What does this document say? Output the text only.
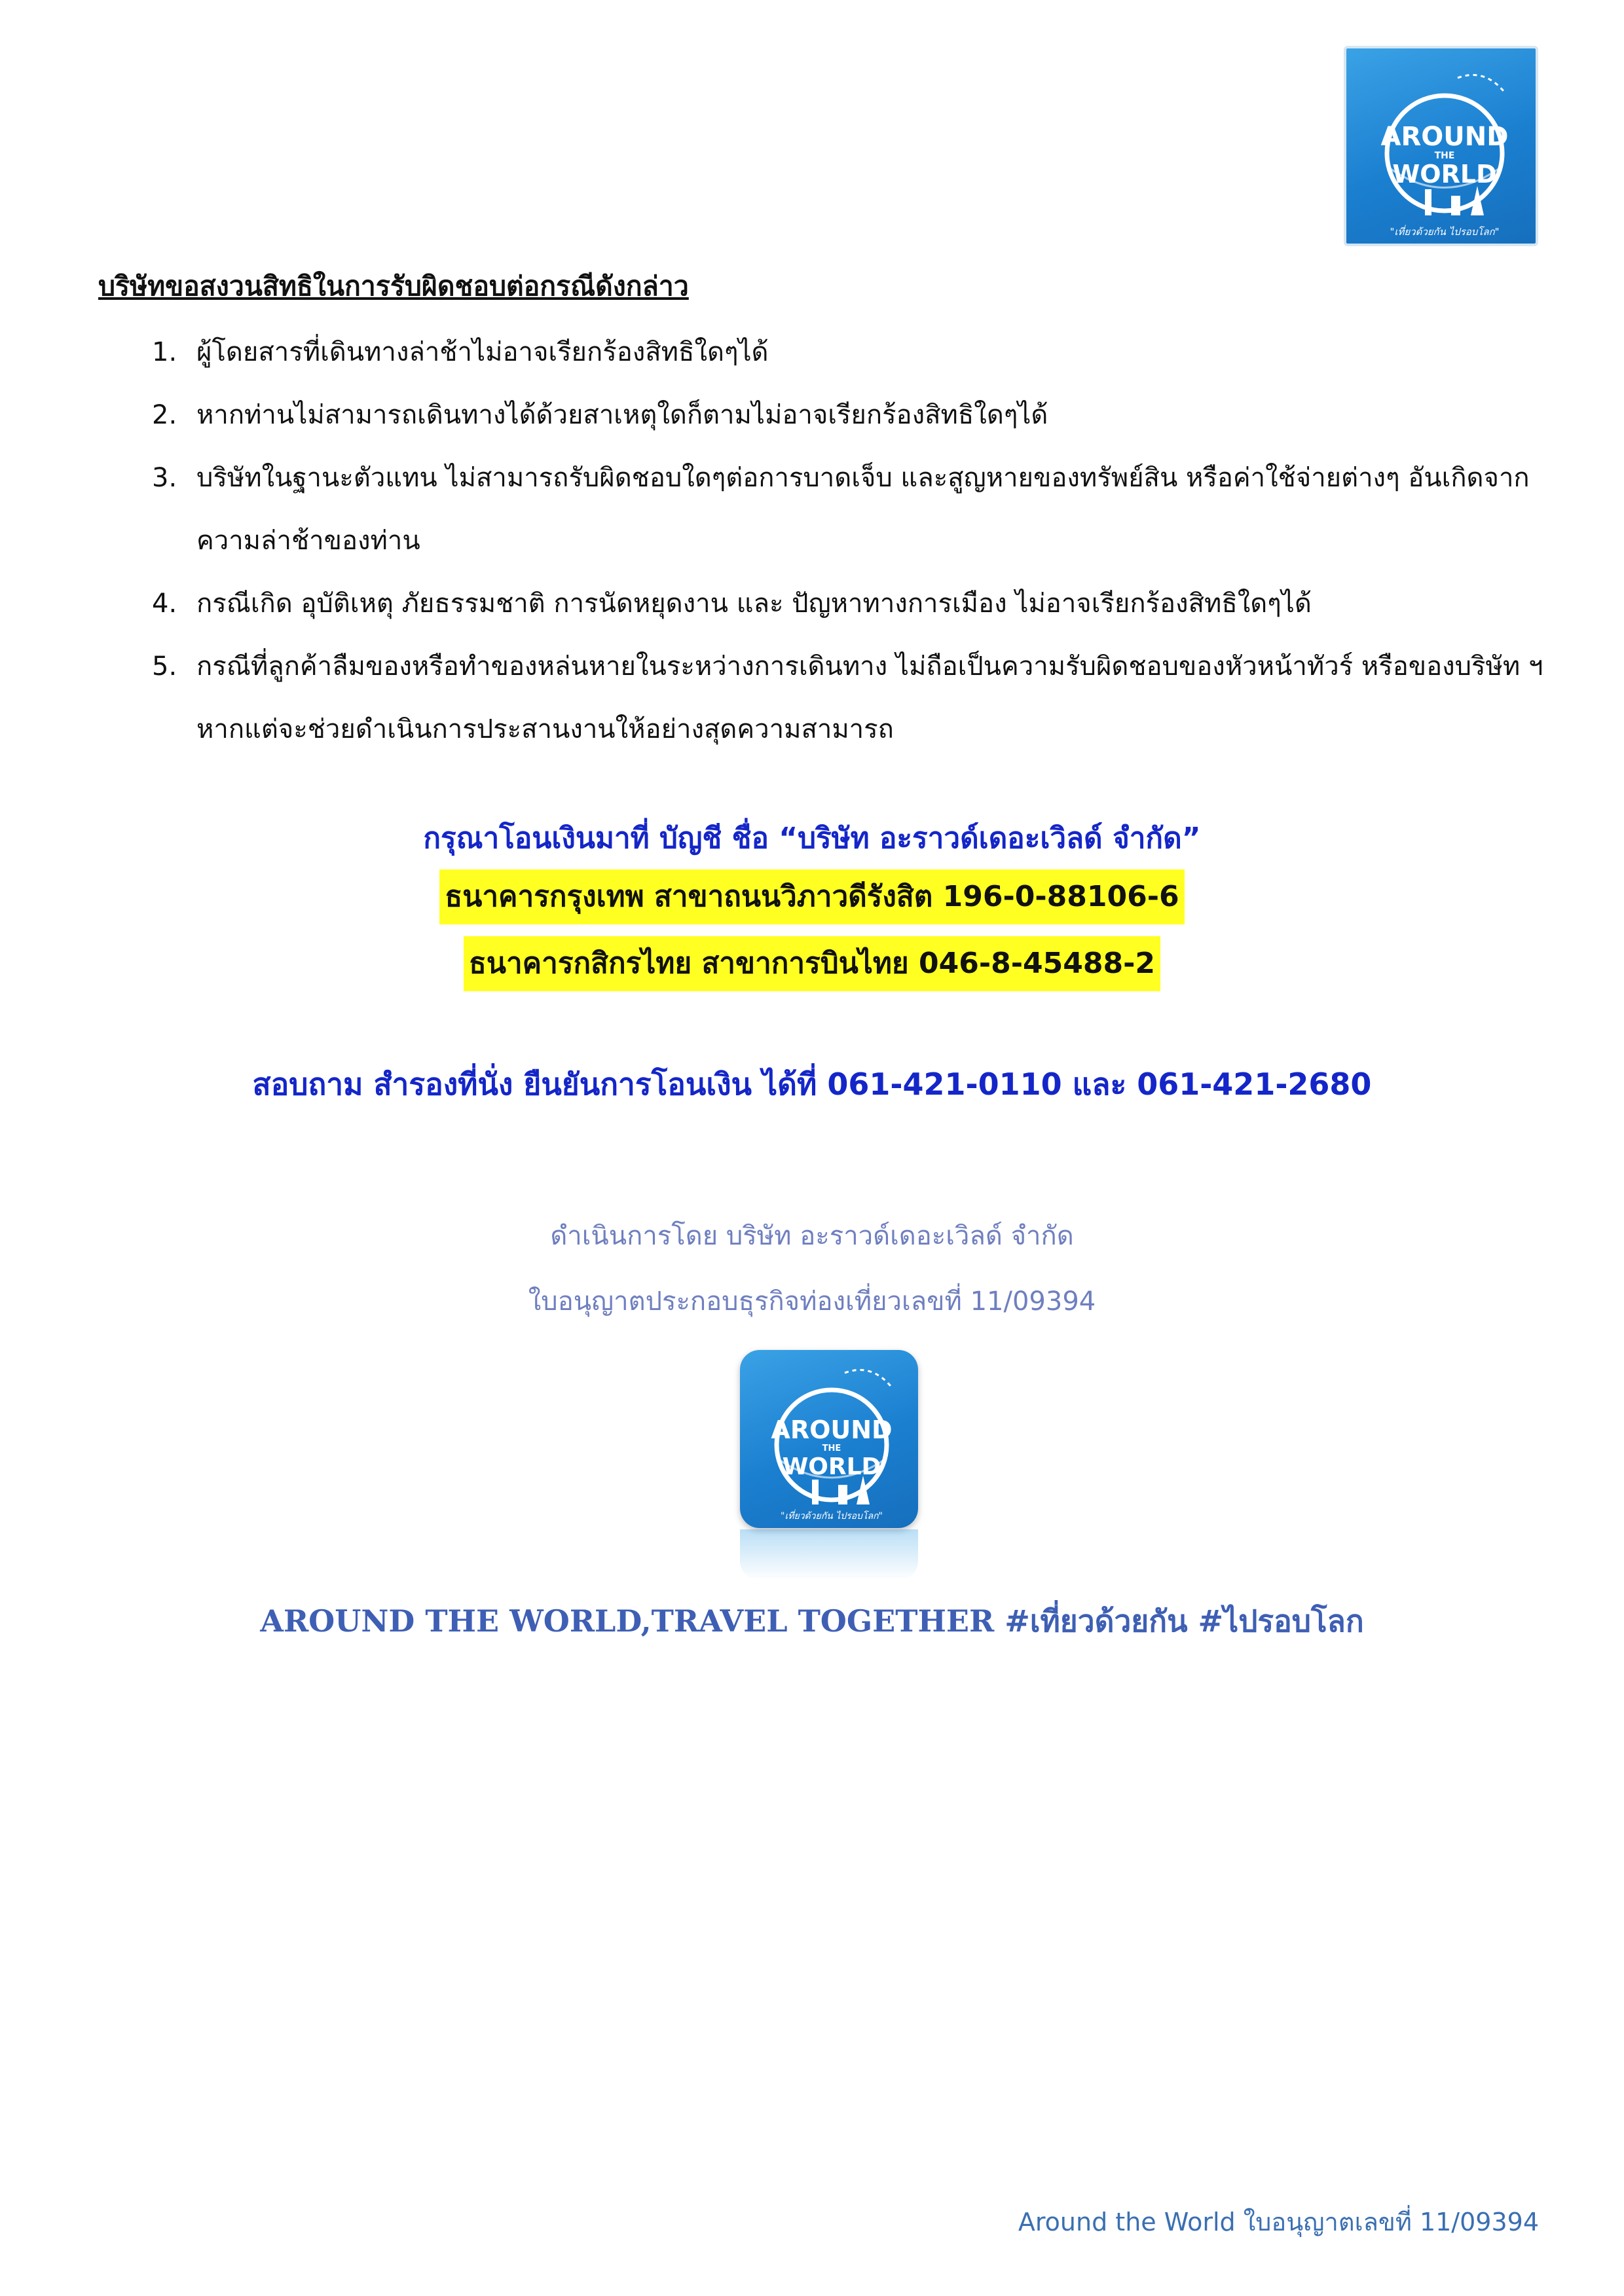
AROUND
THE
WORLD
"เที่ยวด้วยกัน ไปรอบโลก"
บริษัทขอสงวนสิทธิในการรับผิดชอบต่อกรณีดังกล่าว
1. ผู้โดยสารที่เดินทางล่าช้าไม่อาจเรียกร้องสิทธิใดๆได้
2. หากท่านไม่สามารถเดินทางได้ด้วยสาเหตุใดก็ตามไม่อาจเรียกร้องสิทธิใดๆได้
3. บริษัทในฐานะตัวแทน ไม่สามารถรับผิดชอบใดๆต่อการบาดเจ็บ และสูญหายของทรัพย์สิน หรือค่าใช้จ่ายต่างๆ อันเกิดจากความล่าช้าของท่าน
4. กรณีเกิด อุบัติเหตุ ภัยธรรมชาติ การนัดหยุดงาน และ ปัญหาทางการเมือง ไม่อาจเรียกร้องสิทธิใดๆได้
5. กรณีที่ลูกค้าลืมของหรือทำของหล่นหายในระหว่างการเดินทาง ไม่ถือเป็นความรับผิดชอบของหัวหน้าทัวร์ หรือของบริษัท ฯ หากแต่จะช่วยดำเนินการประสานงานให้อย่างสุดความสามารถ
กรุณาโอนเงินมาที่ บัญชี ชื่อ “บริษัท อะราวด์เดอะเวิลด์ จำกัด”
ธนาคารกรุงเทพ สาขาถนนวิภาวดีรังสิต 196-0-88106-6
ธนาคารกสิกรไทย สาขาการบินไทย 046-8-45488-2
สอบถาม สำรองที่นั่ง ยืนยันการโอนเงิน ได้ที่ 061-421-0110 และ 061-421-2680
ดำเนินการโดย บริษัท อะราวด์เดอะเวิลด์ จำกัด
ใบอนุญาตประกอบธุรกิจท่องเที่ยวเลขที่ 11/09394
AROUND
THE
WORLD
"เที่ยวด้วยกัน ไปรอบโลก"
AROUND THE WORLD,TRAVEL TOGETHER #เที่ยวด้วยกัน #ไปรอบโลก
Around the World ใบอนุญาตเลขที่ 11/09394
